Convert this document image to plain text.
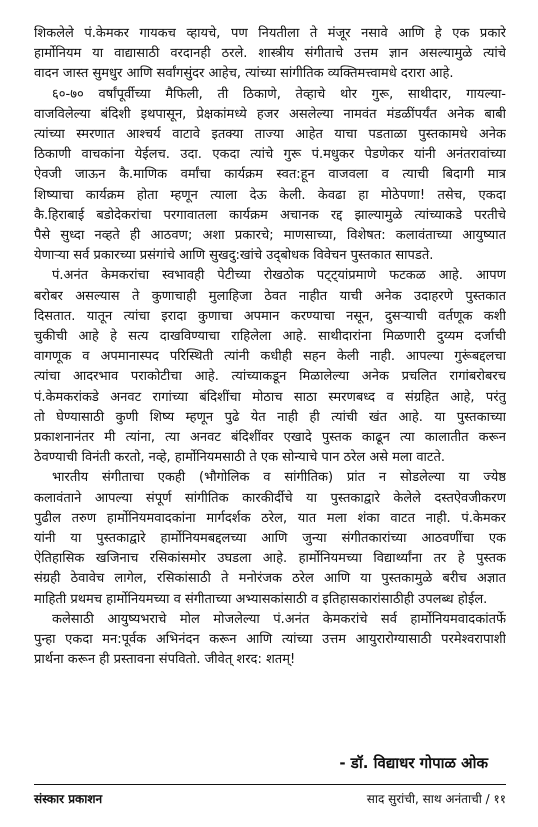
शिकलेले पं.केमकर गायकच व्हायचे, पण नियतीला ते मंजूर नसावे आणि हे एक प्रकारे
हार्मोनियम या वाद्यासाठी वरदानही ठरले. शास्त्रीय संगीताचे उत्तम ज्ञान असल्यामुळे त्यांचे
वादन जास्त सुमधुर आणि सर्वांगसुंदर आहेच, त्यांच्या सांगीतिक व्यक्तिमत्त्वामधे दरारा आहे.
६०-७० वर्षांपूर्वीच्या मैफिली, ती ठिकाणे, तेव्हाचे थोर गुरू, साथीदार, गायल्या-
वाजविलेल्या बंदिशी इथपासून, प्रेक्षकांमध्ये हजर असलेल्या नामवंत मंडळींपर्यंत अनेक बाबी
त्यांच्या स्मरणात आश्चर्य वाटावे इतक्या ताज्या आहेत याचा पडताळा पुस्तकामधे अनेक
ठिकाणी वाचकांना येईलच. उदा. एकदा त्यांचे गुरू पं.मधुकर पेडणेकर यांनी अनंतरावांच्या
ऐवजी जाऊन कै.माणिक वर्मांचा कार्यक्रम स्वत:हून वाजवला व त्याची बिदागी मात्र
शिष्याचा कार्यक्रम होता म्हणून त्याला देऊ केली. केवढा हा मोठेपणा! तसेच, एकदा
कै.हिराबाई बडोदेकरांचा परगावातला कार्यक्रम अचानक रद्द झाल्यामुळे त्यांच्याकडे परतीचे
पैसे सुध्दा नव्हते ही आठवण; अशा प्रकारचे; माणसाच्या, विशेषत: कलावंताच्या आयुष्यात
येणाऱ्या सर्व प्रकारच्या प्रसंगांचे आणि सुखदु:खांचे उद्‌बोधक विवेचन पुस्तकात सापडते.
पं.अनंत केमकरांचा स्वभावही पेटीच्या रोखठोक पट्ट्यांप्रमाणे फटकळ आहे. आपण
बरोबर असल्यास ते कुणाचाही मुलाहिजा ठेवत नाहीत याची अनेक उदाहरणे पुस्तकात
दिसतात. यातून त्यांचा इरादा कुणाचा अपमान करण्याचा नसून, दुसऱ्याची वर्तणूक कशी
चुकीची आहे हे सत्य दाखविण्याचा राहिलेला आहे. साथीदारांना मिळणारी दुय्यम दर्जाची
वागणूक व अपमानास्पद परिस्थिती त्यांनी कधीही सहन केली नाही. आपल्या गुरूंबद्दलचा
त्यांचा आदरभाव पराकोटीचा आहे. त्यांच्याकडून मिळालेल्या अनेक प्रचलित रागांबरोबरच
पं.केमकरांकडे अनवट रागांच्या बंदिशींचा मोठाच साठा स्मरणबध्द व संग्रहित आहे, परंतु
तो घेण्यासाठी कुणी शिष्य म्हणून पुढे येत नाही ही त्यांची खंत आहे. या पुस्तकाच्या
प्रकाशनानंतर मी त्यांना, त्या अनवट बंदिशींवर एखादे पुस्तक काढून त्या कालातीत करून
ठेवण्याची विनंती करतो, नव्हे, हार्मोनियमसाठी ते एक सोन्याचे पान ठरेल असे मला वाटते.
भारतीय संगीताचा एकही (भौगोलिक व सांगीतिक) प्रांत न सोडलेल्या या ज्येष्ठ
कलावंताने आपल्या संपूर्ण सांगीतिक कारकीर्दीचे या पुस्तकाद्वारे केलेले दस्तऐवजीकरण
पुढील तरुण हार्मोनियमवादकांना मार्गदर्शक ठरेल, यात मला शंका वाटत नाही. पं.केमकर
यांनी या पुस्तकाद्वारे हार्मोनियमबद्दलच्या आणि जुन्या संगीतकारांच्या आठवणींचा एक
ऐतिहासिक खजिनाच रसिकांसमोर उघडला आहे. हार्मोनियमच्या विद्यार्थ्यांना तर हे पुस्तक
संग्रही ठेवावेच लागेल, रसिकांसाठी ते मनोरंजक ठरेल आणि या पुस्तकामुळे बरीच अज्ञात
माहिती प्रथमच हार्मोनियमच्या व संगीताच्या अभ्यासकांसाठी व इतिहासकारांसाठीही उपलब्ध होईल.
कलेसाठी आयुष्यभराचे मोल मोजलेल्या पं.अनंत केमकरांचे सर्व हार्मोनियमवादकांतर्फे
पुन्हा एकदा मन:पूर्वक अभिनंदन करून आणि त्यांच्या उत्तम आयुरारोग्यासाठी परमेश्वरापाशी
प्रार्थना करून ही प्रस्तावना संपवितो. जीवेत्‌ शरद: शतम्‌!
- डॉ. विद्याधर गोपाळ ओक
संस्कार प्रकाशन	साद सुरांची, साथ अनंताची / ११
